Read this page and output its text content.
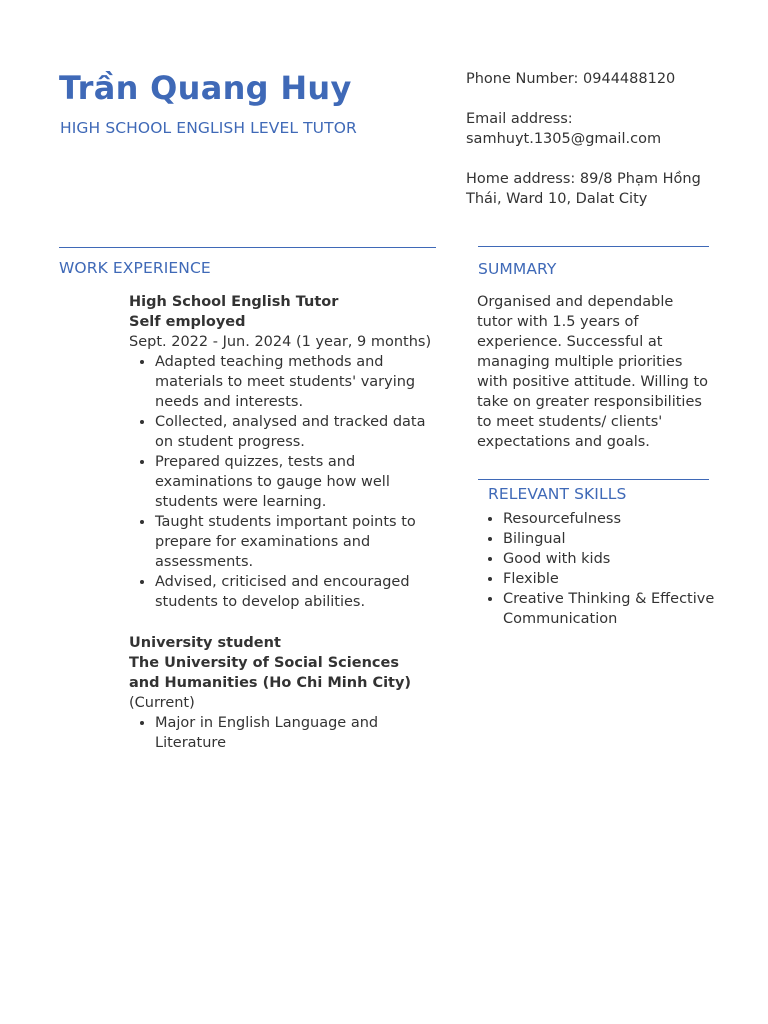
Trần Quang Huy
HIGH SCHOOL ENGLISH LEVEL TUTOR

Phone Number: 0944488120

Email address:
samhuyt.1305@gmail.com

Home address: 89/8 Phạm Hồng Thái, Ward 10, Dalat City

WORK EXPERIENCE	SUMMARY
RELEVANT SKILLS
High School English Tutor
Self employed
Sept. 2022 - Jun. 2024 (1 year, 9 months)
• Adapted teaching methods and materials to meet students' varying needs and interests.
• Collected, analysed and tracked data on student progress.
• Prepared quizzes, tests and examinations to gauge how well students were learning.
• Taught students important points to prepare for examinations and assessments.
• Advised, criticised and encouraged students to develop abilities.
University student
The University of Social Sciences and Humanities (Ho Chi Minh City)
(Current)
• Major in English Language and Literature
Organised and dependable tutor with 1.5 years of experience. Successful at managing multiple priorities with positive attitude. Willing to take on greater responsibilities to meet students/ clients' expectations and goals.
• Resourcefulness
• Bilingual
• Good with kids
• Flexible
• Creative Thinking & Effective Communication
